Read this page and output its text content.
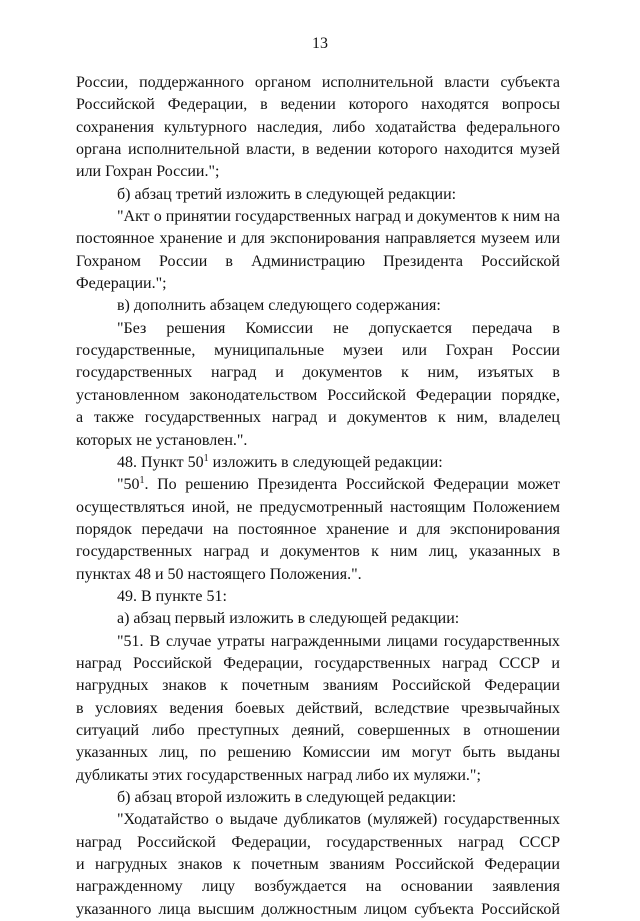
13
России, поддержанного органом исполнительной власти субъекта
Российской Федерации, в ведении которого находятся вопросы
сохранения культурного наследия, либо ходатайства федерального
органа исполнительной власти, в ведении которого находится музей
или Гохран России.";
б) абзац третий изложить в следующей редакции:
"Акт о принятии государственных наград и документов к ним на
постоянное хранение и для экспонирования направляется музеем или
Гохраном России в Администрацию Президента Российской
Федерации.";
в) дополнить абзацем следующего содержания:
"Без решения Комиссии не допускается передача в
государственные, муниципальные музеи или Гохран России
государственных наград и документов к ним, изъятых в
установленном законодательством Российской Федерации порядке,
а также государственных наград и документов к ним, владелец
которых не установлен.".
48. Пункт $50^1$ изложить в следующей редакции:
"$50^1$. По решению Президента Российской Федерации может
осуществляться иной, не предусмотренный настоящим Положением
порядок передачи на постоянное хранение и для экспонирования
государственных наград и документов к ним лиц, указанных в
пунктах 48 и 50 настоящего Положения.".
49. В пункте 51:
а) абзац первый изложить в следующей редакции:
"51. В случае утраты награжденными лицами государственных
наград Российской Федерации, государственных наград СССР и
нагрудных знаков к почетным званиям Российской Федерации
в условиях ведения боевых действий, вследствие чрезвычайных
ситуаций либо преступных деяний, совершенных в отношении
указанных лиц, по решению Комиссии им могут быть выданы
дубликаты этих государственных наград либо их муляжи.";
б) абзац второй изложить в следующей редакции:
"Ходатайство о выдаче дубликатов (муляжей) государственных
наград Российской Федерации, государственных наград СССР
и нагрудных знаков к почетным званиям Российской Федерации
награжденному лицу возбуждается на основании заявления
указанного лица высшим должностным лицом субъекта Российской
